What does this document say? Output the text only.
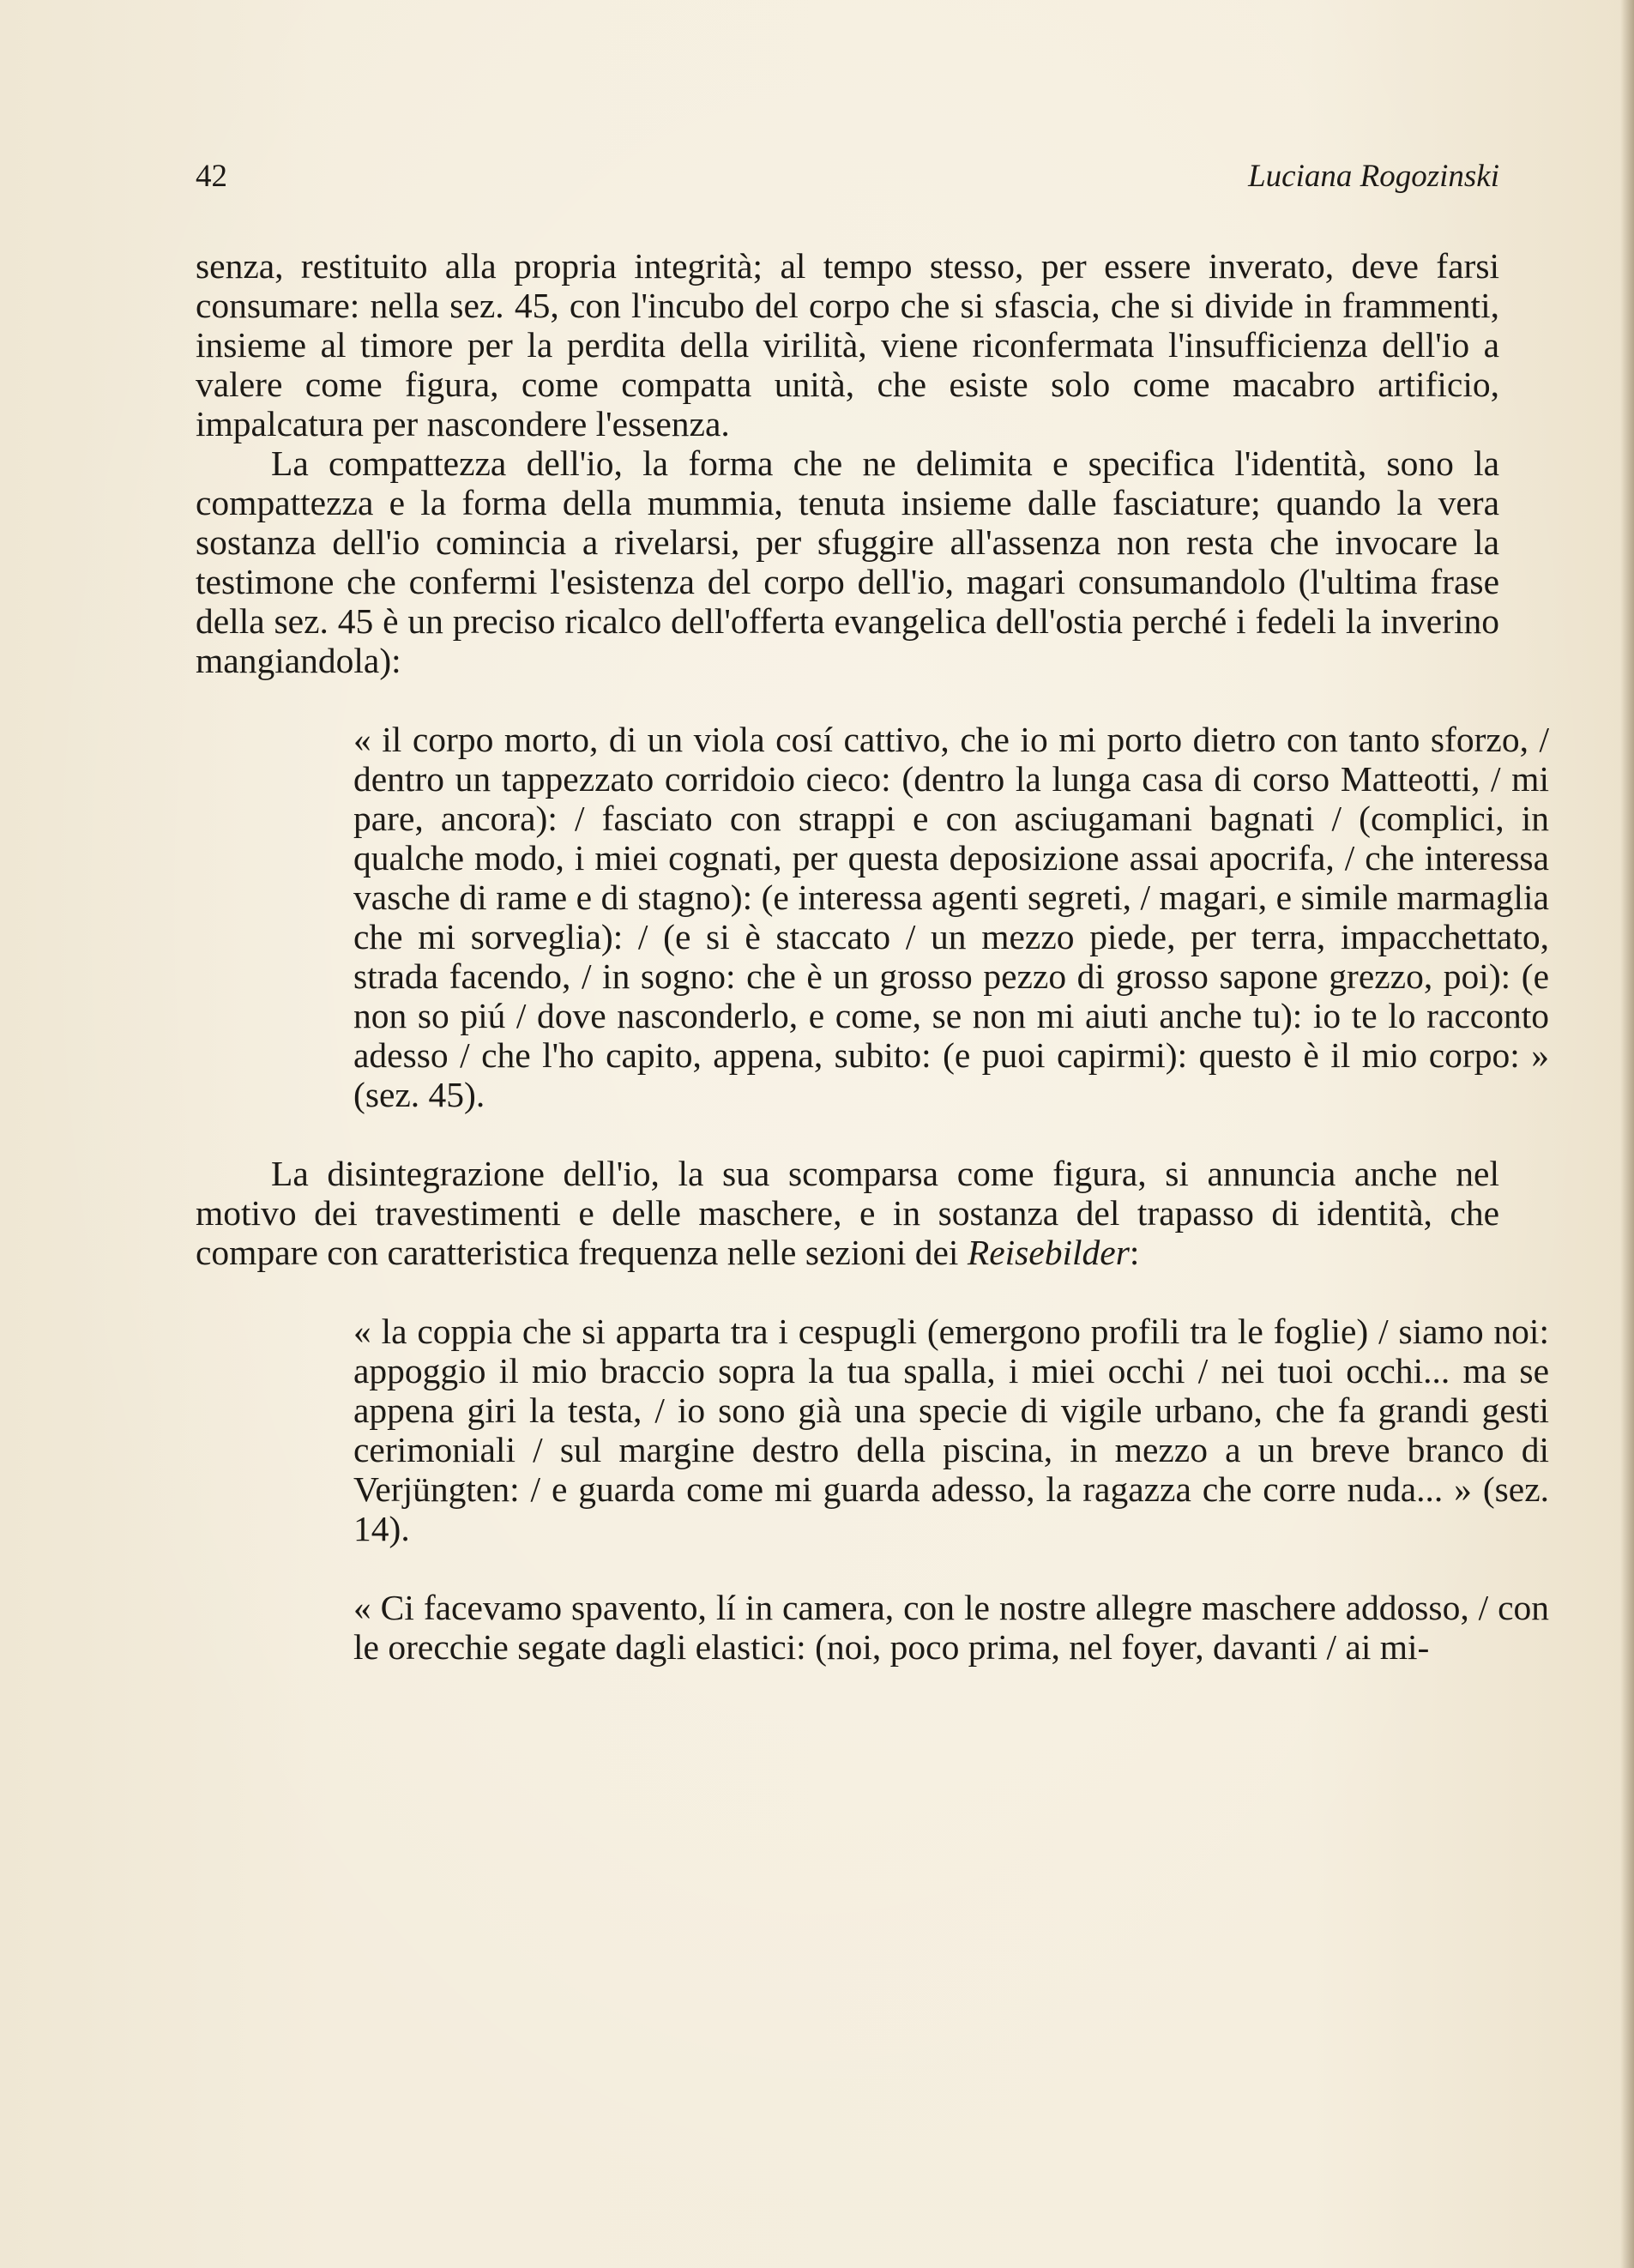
42	Luciana Rogozinski

senza, restituito alla propria integrità; al tempo stesso, per essere inverato, deve farsi consumare: nella sez. 45, con l'incubo del corpo che si sfascia, che si divide in frammenti, insieme al timore per la perdita della virilità, viene riconfermata l'insufficienza dell'io a valere come figura, come compatta unità, che esiste solo come macabro artificio, impalcatura per nascondere l'essenza.

La compattezza dell'io, la forma che ne delimita e specifica l'identità, sono la compattezza e la forma della mummia, tenuta insieme dalle fasciature; quando la vera sostanza dell'io comincia a rivelarsi, per sfuggire all'assenza non resta che invocare la testimone che confermi l'esistenza del corpo dell'io, magari consumandolo (l'ultima frase della sez. 45 è un preciso ricalco dell'offerta evangelica dell'ostia perché i fedeli la inverino mangiandola):

« il corpo morto, di un viola cosí cattivo, che io mi porto dietro con tanto sforzo, / dentro un tappezzato corridoio cieco: (dentro la lunga casa di corso Matteotti, / mi pare, ancora): / fasciato con strappi e con asciugamani bagnati / (complici, in qualche modo, i miei cognati, per questa deposizione assai apocrifa, / che interessa vasche di rame e di stagno): (e interessa agenti segreti, / magari, e simile marmaglia che mi sorveglia): / (e si è staccato / un mezzo piede, per terra, impacchettato, strada facendo, / in sogno: che è un grosso pezzo di grosso sapone grezzo, poi): (e non so piú / dove nasconderlo, e come, se non mi aiuti anche tu): io te lo racconto adesso / che l'ho capito, appena, subito: (e puoi capirmi): questo è il mio corpo: » (sez. 45).

La disintegrazione dell'io, la sua scomparsa come figura, si annuncia anche nel motivo dei travestimenti e delle maschere, e in sostanza del trapasso di identità, che compare con caratteristica frequenza nelle sezioni dei Reisebilder:

« la coppia che si apparta tra i cespugli (emergono profili tra le foglie) / siamo noi: appoggio il mio braccio sopra la tua spalla, i miei occhi / nei tuoi occhi... ma se appena giri la testa, / io sono già una specie di vigile urbano, che fa grandi gesti cerimoniali / sul margine destro della piscina, in mezzo a un breve branco di Verjüngten: / e guarda come mi guarda adesso, la ragazza che corre nuda... » (sez. 14).

« Ci facevamo spavento, lí in camera, con le nostre allegre maschere addosso, / con le orecchie segate dagli elastici: (noi, poco prima, nel foyer, davanti / ai mi-
